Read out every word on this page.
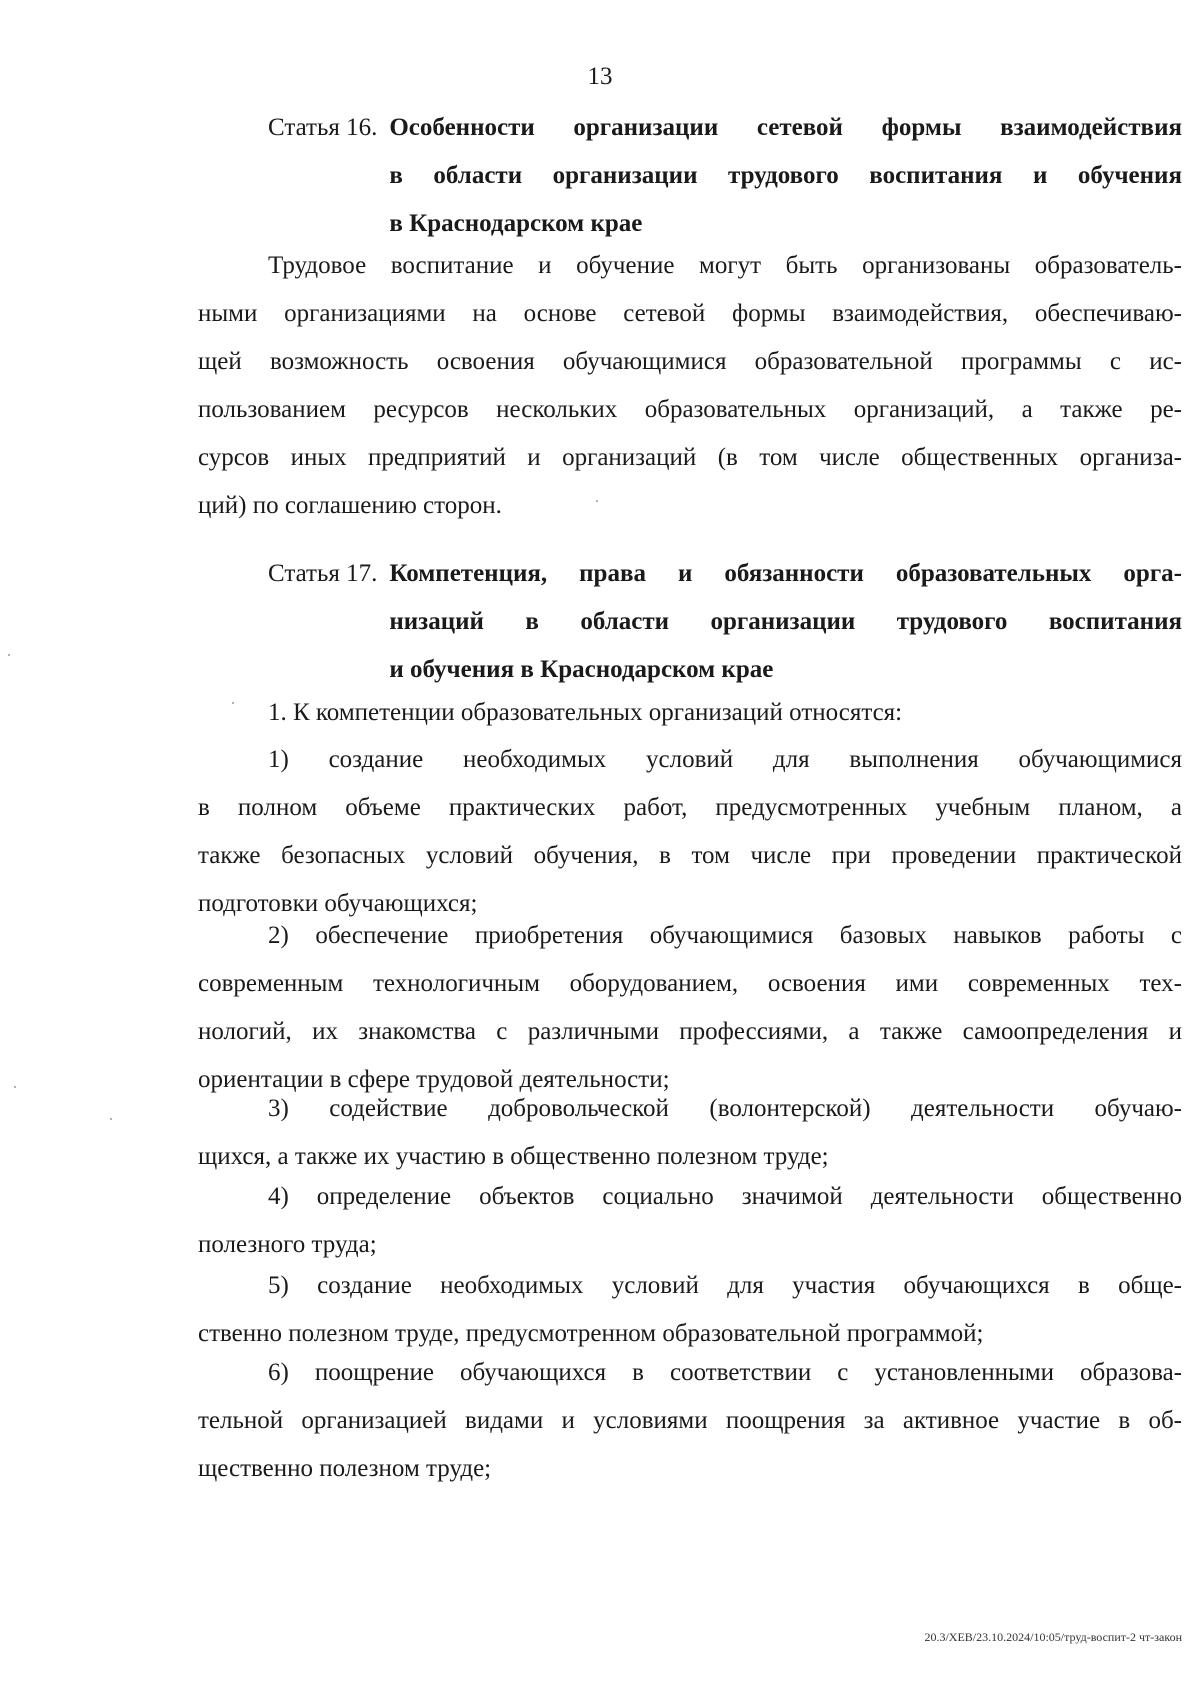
13
Статья 16. Особенности организации сетевой формы взаимодействия
в области организации трудового воспитания и обучения
в Краснодарском крае
Трудовое воспитание и обучение могут быть организованы образователь-
ными организациями на основе сетевой формы взаимодействия, обеспечиваю-
щей возможность освоения обучающимися образовательной программы с ис-
пользованием ресурсов нескольких образовательных организаций, а также ре-
сурсов иных предприятий и организаций (в том числе общественных организа-
ций) по соглашению сторон.
Статья 17. Компетенция, права и обязанности образовательных орга-
низаций в области организации трудового воспитания
и обучения в Краснодарском крае
1. К компетенции образовательных организаций относятся:
1) создание необходимых условий для выполнения обучающимися
в полном объеме практических работ, предусмотренных учебным планом, а
также безопасных условий обучения, в том числе при проведении практической
подготовки обучающихся;
2) обеспечение приобретения обучающимися базовых навыков работы с
современным технологичным оборудованием, освоения ими современных тех-
нологий, их знакомства с различными профессиями, а также самоопределения и
ориентации в сфере трудовой деятельности;
3) содействие добровольческой (волонтерской) деятельности обучаю-
щихся, а также их участию в общественно полезном труде;
4) определение объектов социально значимой деятельности общественно
полезного труда;
5) создание необходимых условий для участия обучающихся в обще-
ственно полезном труде, предусмотренном образовательной программой;
6) поощрение обучающихся в соответствии с установленными образова-
тельной организацией видами и условиями поощрения за активное участие в об-
щественно полезном труде;
20.3/ХЕВ/23.10.2024/10:05/труд-воспит-2 чт-закон
